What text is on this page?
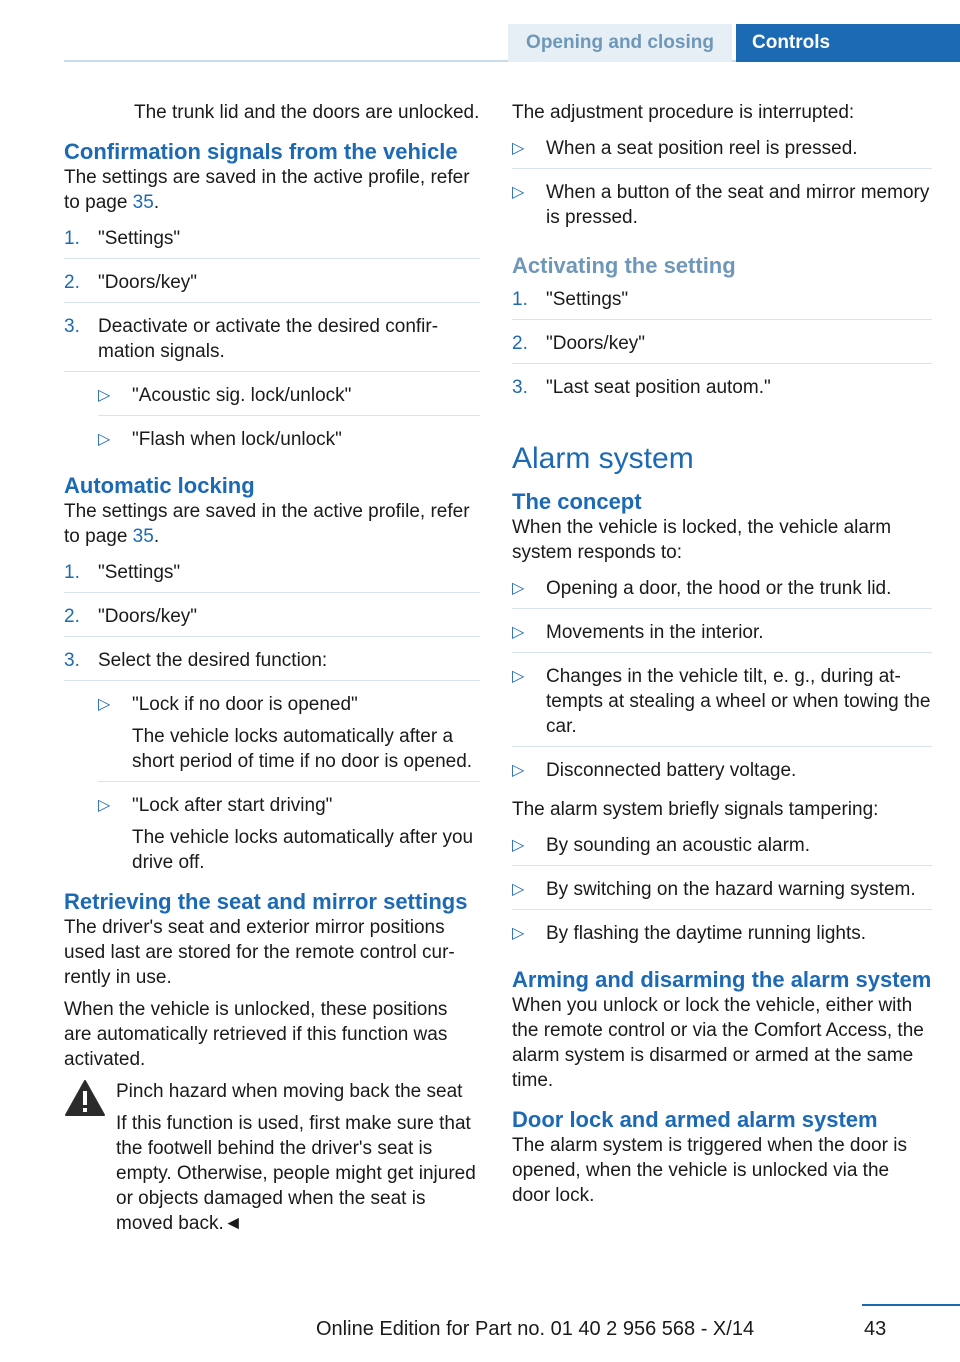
Opening and closing	Controls

The trunk lid and the doors are unlocked.

Confirmation signals from the vehicle

The settings are saved in the active profile, refer to page 35.

1. "Settings"
2. "Doors/key"
3. Deactivate or activate the desired confirmation signals.
▷ "Acoustic sig. lock/unlock"
▷ "Flash when lock/unlock"
Automatic locking

The settings are saved in the active profile, refer to page 35.

1. "Settings"
2. "Doors/key"
3. Select the desired function:
▷ "Lock if no door is opened"
The vehicle locks automatically after a short period of time if no door is opened.
▷ "Lock after start driving"
The vehicle locks automatically after you drive off.
Retrieving the seat and mirror settings

The driver's seat and exterior mirror positions used last are stored for the remote control currently in use.

When the vehicle is unlocked, these positions are automatically retrieved if this function was activated.

Pinch hazard when moving back the seat
If this function is used, first make sure that the footwell behind the driver's seat is empty. Otherwise, people might get injured or objects damaged when the seat is moved back.◄

The adjustment procedure is interrupted:

▷ When a seat position reel is pressed.
▷ When a button of the seat and mirror memory is pressed.
Activating the setting
1. "Settings"
2. "Doors/key"
3. "Last seat position autom."
Alarm system
The concept

When the vehicle is locked, the vehicle alarm system responds to:

▷ Opening a door, the hood or the trunk lid.
▷ Movements in the interior.
▷ Changes in the vehicle tilt, e. g., during attempts at stealing a wheel or when towing the car.
▷ Disconnected battery voltage.

The alarm system briefly signals tampering:

▷ By sounding an acoustic alarm.
▷ By switching on the hazard warning system.
▷ By flashing the daytime running lights.
Arming and disarming the alarm system

When you unlock or lock the vehicle, either with the remote control or via the Comfort Access, the alarm system is disarmed or armed at the same time.

Door lock and armed alarm system

The alarm system is triggered when the door is opened, when the vehicle is unlocked via the door lock.

43
Online Edition for Part no. 01 40 2 956 568 - X/14
